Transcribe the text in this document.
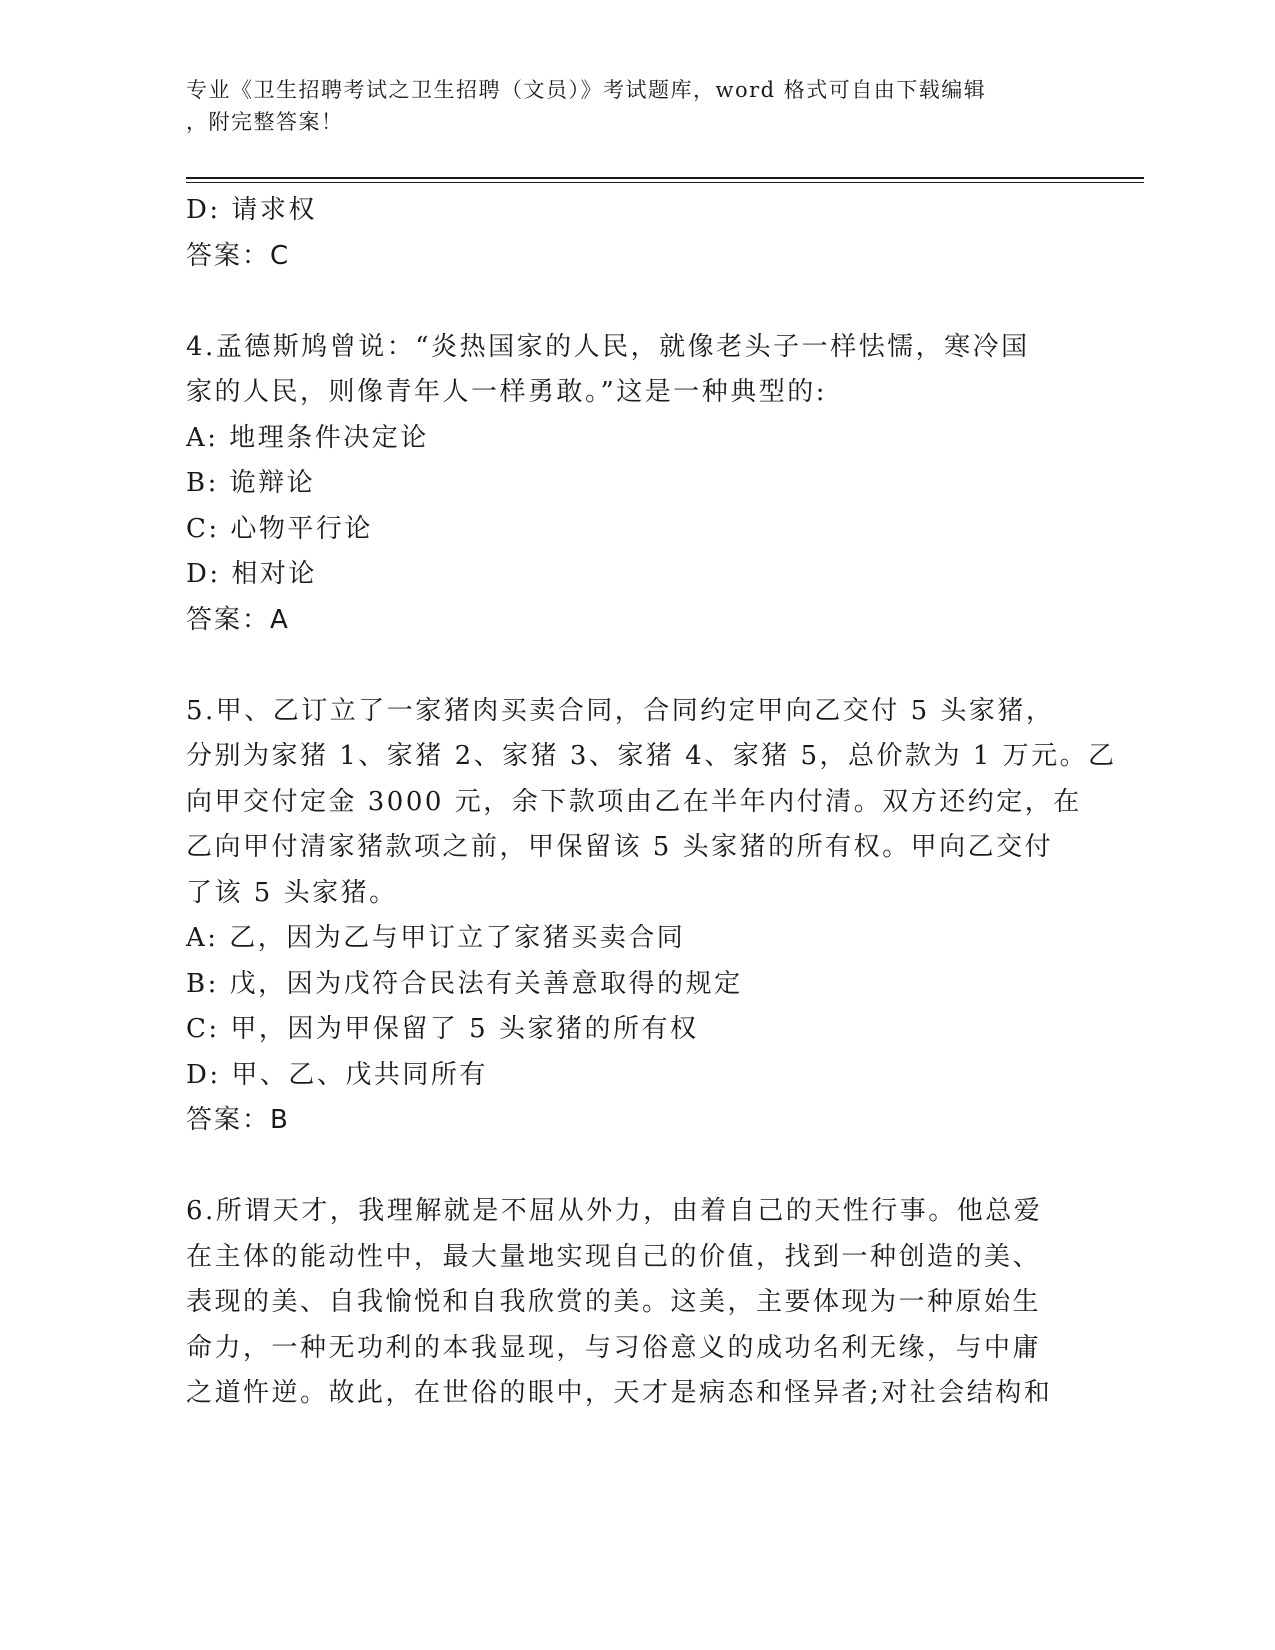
专业《卫生招聘考试之卫生招聘（文员）》考试题库，word 格式可自由下载编辑
，附完整答案！
D: 请求权
答案：C
4.孟德斯鸠曾说：“炎热国家的人民，就像老头子一样怯懦，寒冷国
家的人民，则像青年人一样勇敢。”这是一种典型的:
A: 地理条件决定论
B: 诡辩论
C: 心物平行论
D: 相对论
答案：A
5.甲、乙订立了一家猪肉买卖合同，合同约定甲向乙交付 5 头家猪，
分别为家猪 1、家猪 2、家猪 3、家猪 4、家猪 5，总价款为 1 万元。乙
向甲交付定金 3000 元，余下款项由乙在半年内付清。双方还约定，在
乙向甲付清家猪款项之前，甲保留该 5 头家猪的所有权。甲向乙交付
了该 5 头家猪。
A: 乙，因为乙与甲订立了家猪买卖合同
B: 戊，因为戊符合民法有关善意取得的规定
C: 甲，因为甲保留了 5 头家猪的所有权
D: 甲、乙、戊共同所有
答案：B
6.所谓天才，我理解就是不屈从外力，由着自己的天性行事。他总爱
在主体的能动性中，最大量地实现自己的价值，找到一种创造的美、
表现的美、自我愉悦和自我欣赏的美。这美，主要体现为一种原始生
命力，一种无功利的本我显现，与习俗意义的成功名利无缘，与中庸
之道忤逆。故此，在世俗的眼中，天才是病态和怪异者;对社会结构和
